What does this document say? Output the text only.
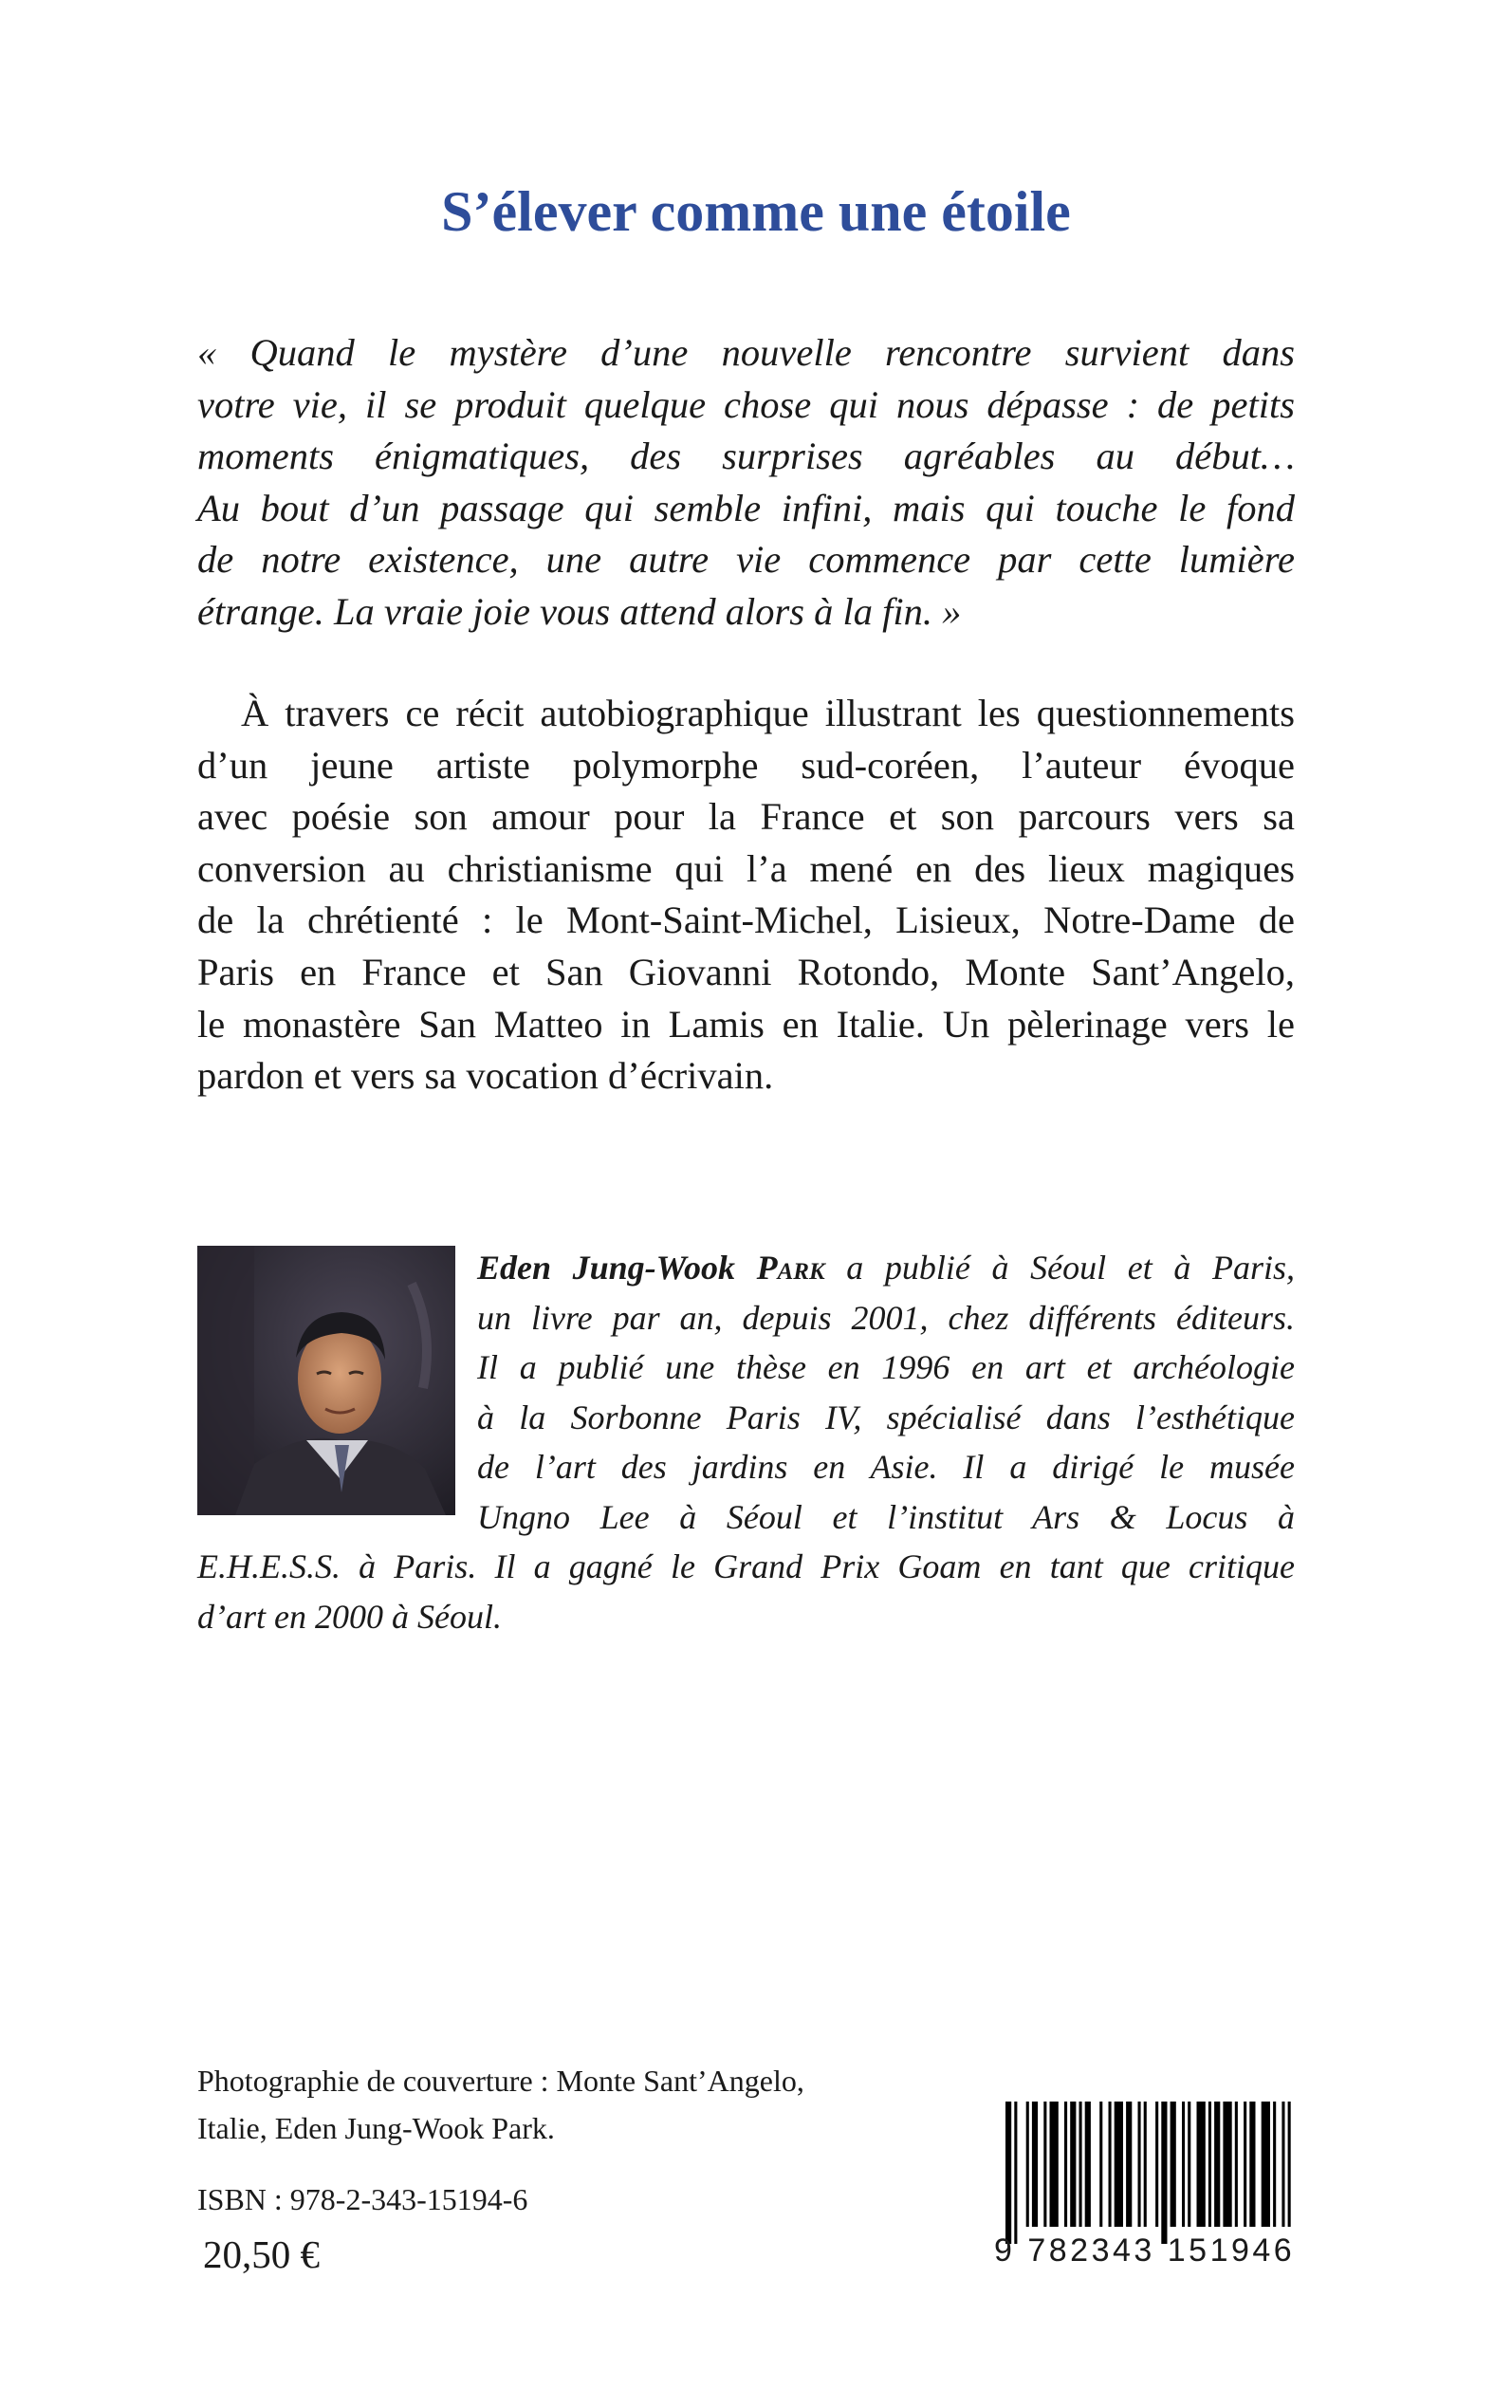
S’élever comme une étoile
« Quand le mystère d’une nouvelle rencontre survient dans
votre vie, il se produit quelque chose qui nous dépasse : de petits
moments énigmatiques, des surprises agréables au début…
Au bout d’un passage qui semble infini, mais qui touche le fond
de notre existence, une autre vie commence par cette lumière
étrange. La vraie joie vous attend alors à la fin. »
À travers ce récit autobiographique illustrant les questionnements
d’un jeune artiste polymorphe sud-coréen, l’auteur évoque
avec poésie son amour pour la France et son parcours vers sa
conversion au christianisme qui l’a mené en des lieux magiques
de la chrétienté : le Mont-Saint-Michel, Lisieux, Notre-Dame de
Paris en France et San Giovanni Rotondo, Monte Sant’Angelo,
le monastère San Matteo in Lamis en Italie. Un pèlerinage vers le
pardon et vers sa vocation d’écrivain.
Eden Jung-Wook Park a publié à Séoul et à Paris,
un livre par an, depuis 2001, chez différents éditeurs.
Il a publié une thèse en 1996 en art et archéologie
à la Sorbonne Paris IV, spécialisé dans l’esthétique
de l’art des jardins en Asie. Il a dirigé le musée
Ungno Lee à Séoul et l’institut Ars & Locus à
E.H.E.S.S. à Paris. Il a gagné le Grand Prix Goam en tant que critique
d’art en 2000 à Séoul.
Photographie de couverture : Monte Sant’Angelo,
Italie, Eden Jung-Wook Park.
ISBN : 978-2-343-15194-6
20,50 €	9 782343 151946
